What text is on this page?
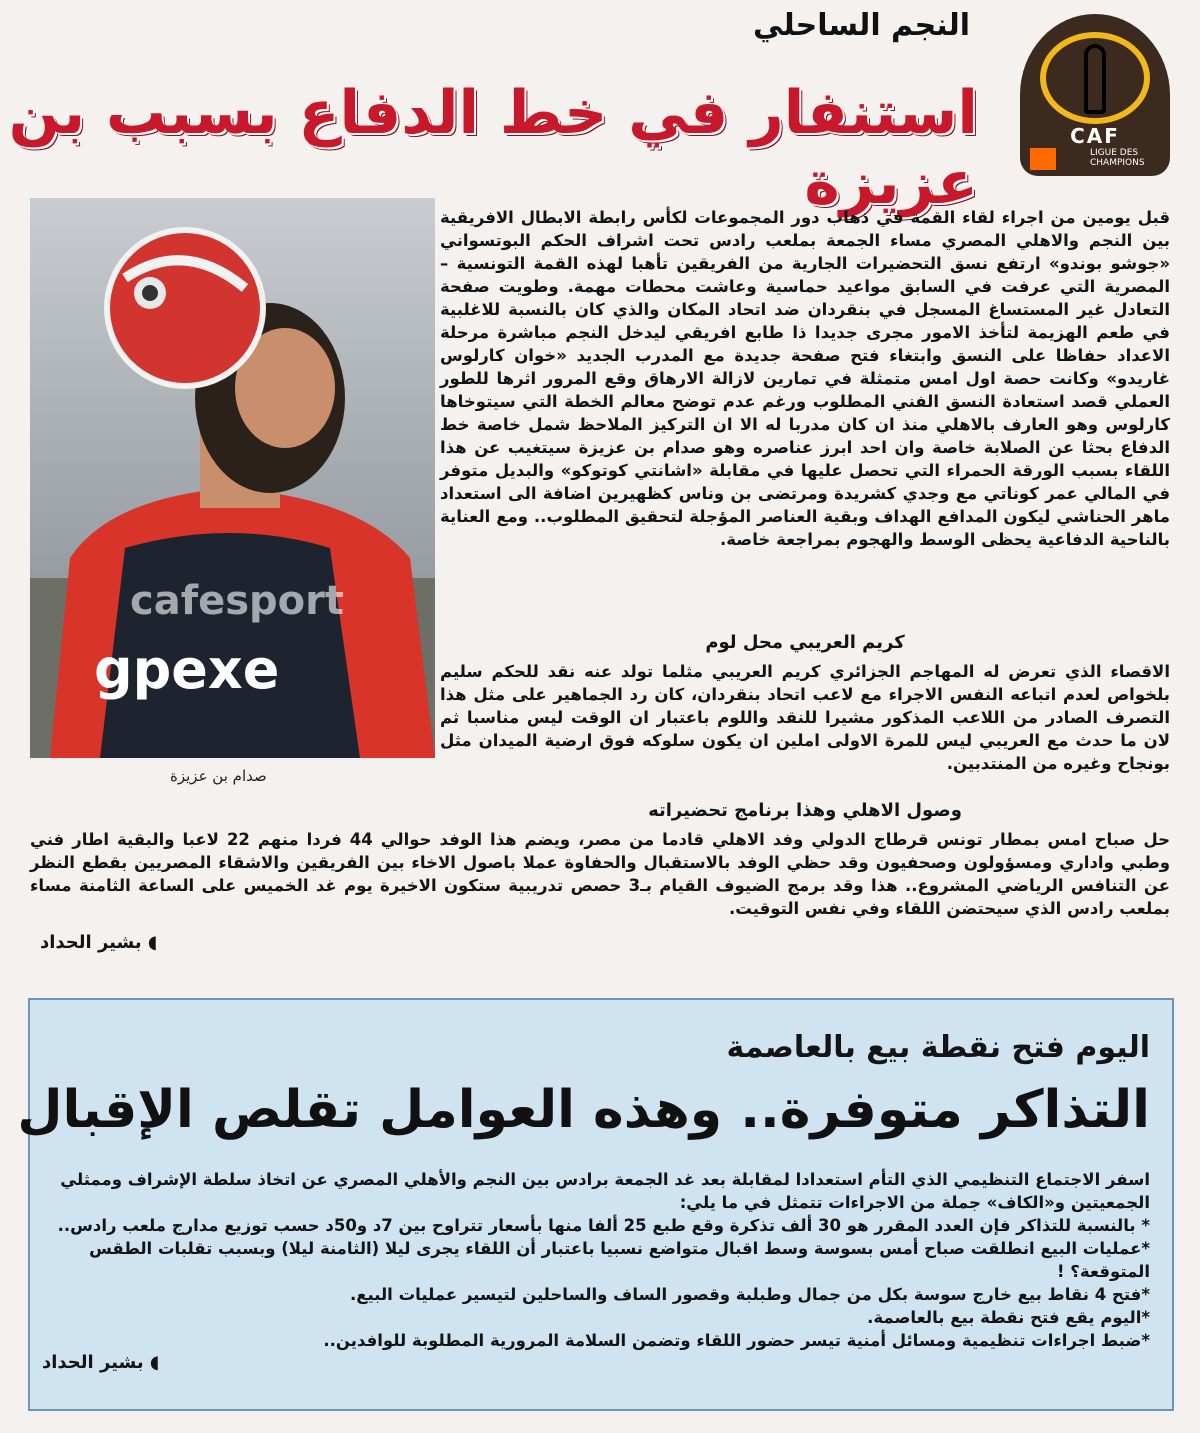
النجم الساحلي
استنفار في خط الدفاع بسبب بن عزيزة
CAF
LIGUE DES CHAMPIONS
gpexe
cafesport
صدام بن عزيزة
قبل يومين من اجراء لقاء القمة في ذهاب دور المجموعات لكأس رابطة الابطال الافريقية بين النجم والاهلي المصري مساء الجمعة بملعب رادس تحت اشراف الحكم البوتسواني «جوشو بوندو» ارتفع نسق التحضيرات الجارية من الفريقين تأهبا لهذه القمة التونسية – المصرية التي عرفت في السابق مواعيد حماسية وعاشت محطات مهمة. وطويت صفحة التعادل غير المستساغ المسجل في بنقردان ضد اتحاد المكان والذي كان بالنسبة للاغلبية في طعم الهزيمة لتأخذ الامور مجرى جديدا ذا طابع افريقي ليدخل النجم مباشرة مرحلة الاعداد حفاظا على النسق وابتغاء فتح صفحة جديدة مع المدرب الجديد «خوان كارلوس غاريدو» وكانت حصة اول امس متمثلة في تمارين لازالة الارهاق وقع المرور اثرها للطور العملي قصد استعادة النسق الفني المطلوب ورغم عدم توضح معالم الخطة التي سيتوخاها كارلوس وهو العارف بالاهلي منذ ان كان مدربا له الا ان التركيز الملاحظ شمل خاصة خط الدفاع بحثا عن الصلابة خاصة وان احد ابرز عناصره وهو صدام بن عزيزة سيتغيب عن هذا اللقاء بسبب الورقة الحمراء التي تحصل عليها في مقابلة «اشانتي كوتوكو» والبديل متوفر في المالي عمر كوناتي مع وجدي كشريدة ومرتضى بن وناس كظهيرين اضافة الى استعداد ماهر الحناشي ليكون المدافع الهداف وبقية العناصر المؤجلة لتحقيق المطلوب.. ومع العناية بالناحية الدفاعية يحظى الوسط والهجوم بمراجعة خاصة.
كريم العريبي محل لوم
الاقصاء الذي تعرض له المهاجم الجزائري كريم العريبي مثلما تولد عنه نقد للحكم سليم بلخواص لعدم اتباعه النفس الاجراء مع لاعب اتحاد بنقردان، كان رد الجماهير على مثل هذا التصرف الصادر من اللاعب المذكور مشيرا للنقد واللوم باعتبار ان الوقت ليس مناسبا ثم لان ما حدث مع العريبي ليس للمرة الاولى املين ان يكون سلوكه فوق ارضية الميدان مثل بونجاح وغيره من المنتدبين.
وصول الاهلي وهذا برنامج تحضيراته
حل صباح امس بمطار تونس قرطاج الدولي وفد الاهلي قادما من مصر، ويضم هذا الوفد حوالي 44 فردا منهم 22 لاعبا والبقية اطار فني وطبي واداري ومسؤولون وصحفيون وقد حظي الوفد بالاستقبال والحفاوة عملا باصول الاخاء بين الفريقين والاشقاء المصريين بقطع النظر عن التنافس الرياضي المشروع.. هذا وقد برمج الضيوف القيام بـ3 حصص تدريبية ستكون الاخيرة يوم غد الخميس على الساعة الثامنة مساء بملعب رادس الذي سيحتضن اللقاء وفي نفس التوقيت.
◖ بشير الحداد
اليوم فتح نقطة بيع بالعاصمة
التذاكر متوفرة.. وهذه العوامل تقلص الإقبال
اسفر الاجتماع التنظيمي الذي التأم استعدادا لمقابلة بعد غد الجمعة برادس بين النجم والأهلي المصري عن اتخاذ سلطة الإشراف وممثلي الجمعيتين و«الكاف» جملة من الاجراءات تتمثل في ما يلي:
* بالنسبة للتذاكر فإن العدد المقرر هو 30 ألف تذكرة وقع طبع 25 ألفا منها بأسعار تتراوح بين 7د و50د حسب توزيع مدارج ملعب رادس..
*عمليات البيع انطلقت صباح أمس بسوسة وسط اقبال متواضع نسبيا باعتبار أن اللقاء يجرى ليلا (الثامنة ليلا) وبسبب تقلبات الطقس المتوقعة؟ !
*فتح 4 نقاط بيع خارج سوسة بكل من جمال وطبلبة وقصور الساف والساحلين لتيسير عمليات البيع.
*اليوم يقع فتح نقطة بيع بالعاصمة.
*ضبط اجراءات تنظيمية ومسائل أمنية تيسر حضور اللقاء وتضمن السلامة المرورية المطلوبة للوافدين..
◖ بشير الحداد
